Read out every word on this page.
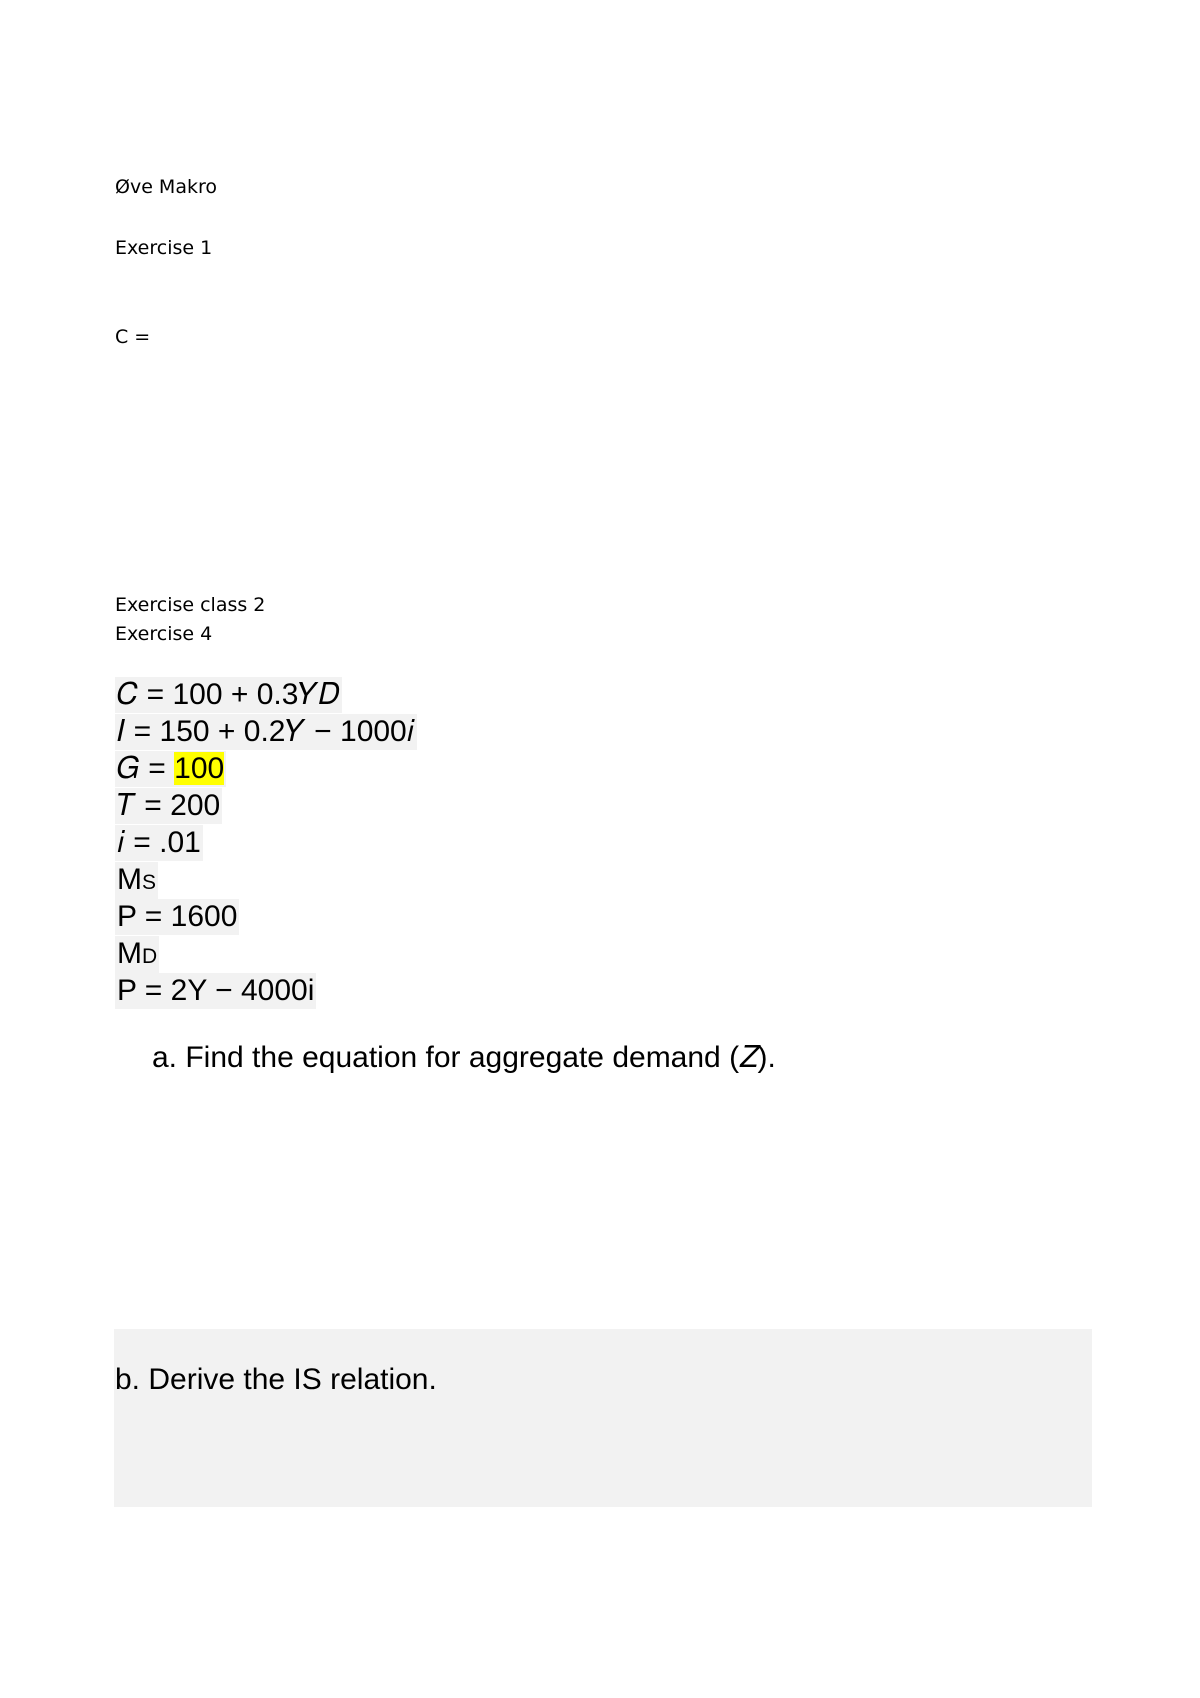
Øve Makro
Exercise 1
C =
Exercise class 2
Exercise 4
𝐶 = 100 + 0.3𝑌𝐷
𝐼 = 150 + 0.2𝑌 − 1000𝑖
𝐺 = 100
𝑇 = 200
𝑖 = .01
MS
P = 1600
MD
P = 2Y − 4000i
a. Find the equation for aggregate demand (𝑍).
b. Derive the IS relation.
